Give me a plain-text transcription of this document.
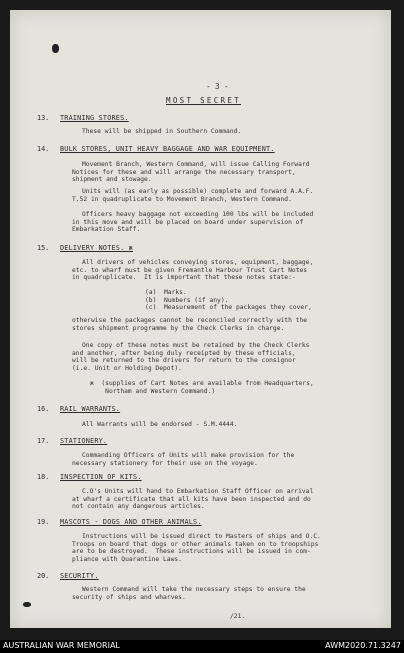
- 3 -
MOST SECRET
13. TRAINING STORES.
These will be shipped in Southern Command.
14. BULK STORES, UNIT HEAVY BAGGAGE AND WAR EQUIPMENT.
Movement Branch, Western Command, will issue Calling Forward
Notices for these and will arrange the necessary transport,
shipment and stowage.
Units will (as early as possible) complete and forward A.A.F.
T.52 in quadruplicate to Movement Branch, Western Command.
Officers heavy baggage not exceeding 100 lbs will be included
in this move and will be placed on board under supervision of
Embarkation Staff.
15. DELIVERY NOTES. ж
All drivers of vehicles conveying stores, equipment, baggage,
etc. to wharf must be given Fremantle Harbour Trust Cart Notes
in quadruplicate.  It is important that these notes state:-
(a)  Marks.
(b)  Numbers (if any).
(c)  Measurement of the packages they cover,
otherwise the packages cannot be reconciled correctly with the
stores shipment programme by the Check Clerks in charge.
One copy of these notes must be retained by the Check Clerks
and another, after being duly receipted by these officials,
will be returned to the drivers for return to the consignor
(i.e. Unit or Holding Depot).
ж  (supplies of Cart Notes are available from Headquarters,
Northam and Western Command.)
16. RAIL WARRANTS.
All Warrants will be endorsed - S.M.4444.
17. STATIONERY.
Commanding Officers of Units will make provision for the
necessary stationery for their use on the voyage.
18. INSPECTION OF KITS.
C.O's Units will hand to Embarkation Staff Officer on arrival
at wharf a certificate that all kits have been inspected and do
not contain any dangerous articles.
19. MASCOTS - DOGS AND OTHER ANIMALS.
Instructions will be issued direct to Masters of ships and O.C.
Troops on board that dogs or other animals taken on to troopships
are to be destroyed.  These instructions will be issued in com-
pliance with Quarantine Laws.
20. SECURITY.
Western Command will take the necessary steps to ensure the
security of ships and wharves.
/21.
AUSTRALIAN WAR MEMORIAL	AWM2020.71.3247
